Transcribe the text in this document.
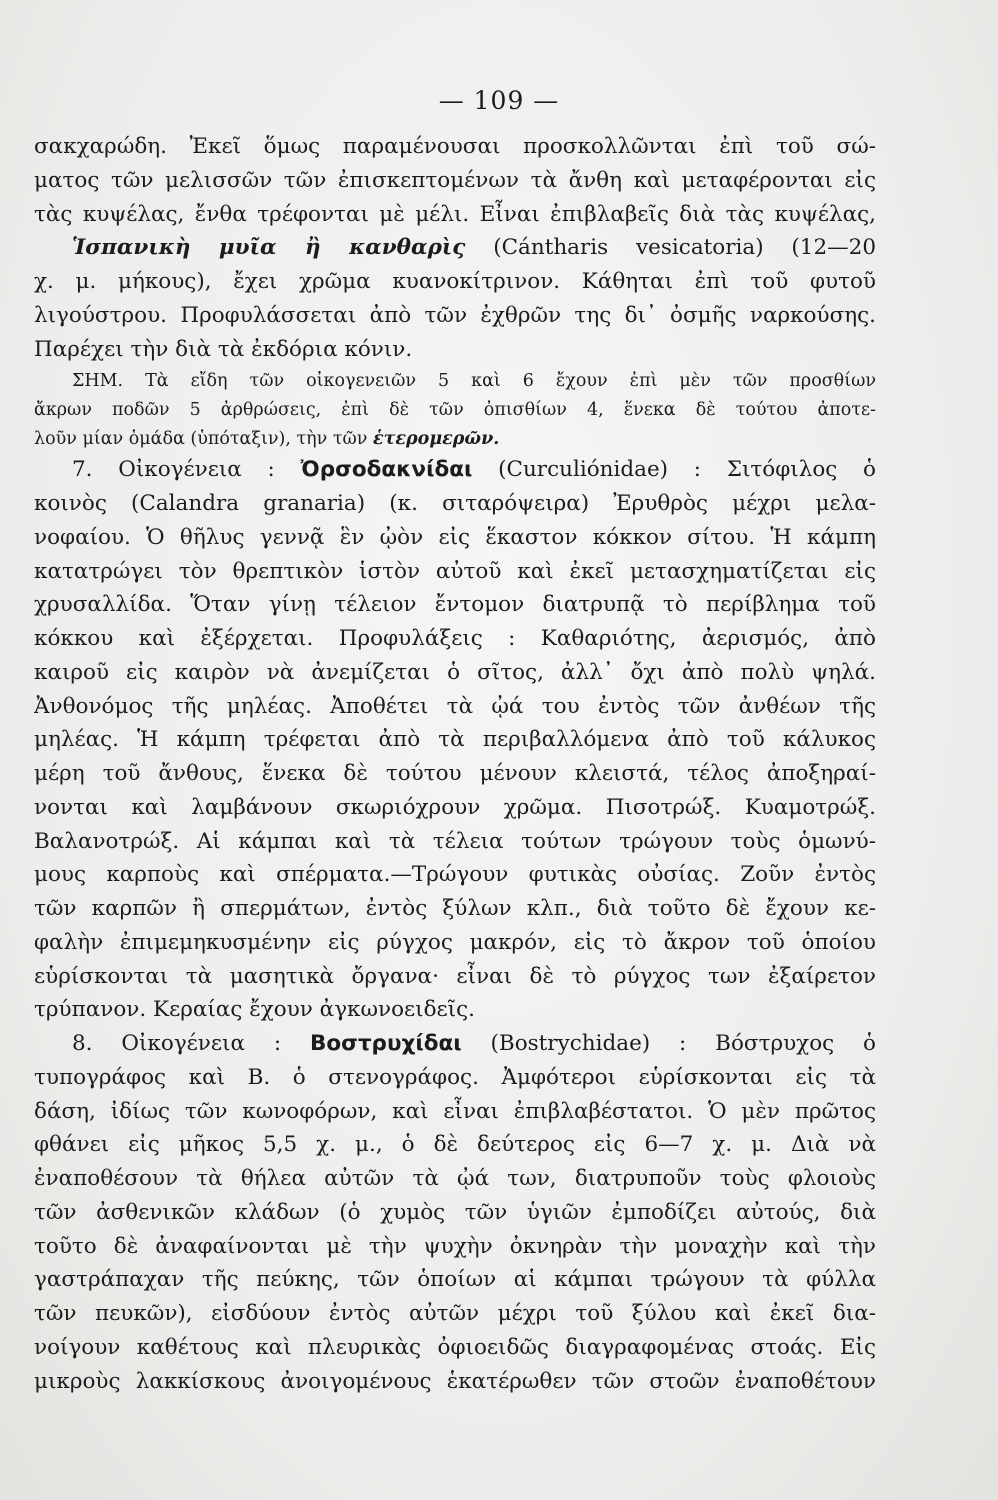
— 109 —
σακχαρώδη. Ἐκεῖ ὅμως παραμένουσαι προσκολλῶνται ἐπὶ τοῦ σώ-
ματος τῶν μελισσῶν τῶν ἐπισκεπτομένων τὰ ἄνθη καὶ μεταφέρονται εἰς
τὰς κυψέλας, ἔνθα τρέφονται μὲ μέλι. Εἶναι ἐπιβλαβεῖς διὰ τὰς κυψέλας,
Ἱσπανικὴ μυῖα ἢ κανθαρὶς (Cántharis vesicatoria) (12—20
χ. μ. μήκους), ἔχει χρῶμα κυανοκίτρινον. Κάθηται ἐπὶ τοῦ φυτοῦ
λιγούστρου. Προφυλάσσεται ἀπὸ τῶν ἐχθρῶν της δι᾽ ὀσμῆς ναρκούσης.
Παρέχει τὴν διὰ τὰ ἐκδόρια κόνιν.
ΣΗΜ. Τὰ εἴδη τῶν οἰκογενειῶν 5 καὶ 6 ἔχουν ἐπὶ μὲν τῶν προσθίων
ἄκρων ποδῶν 5 ἀρθρώσεις, ἐπὶ δὲ τῶν ὀπισθίων 4, ἕνεκα δὲ τούτου ἀποτε-
λοῦν μίαν ὁμάδα (ὑπόταξιν), τὴν τῶν ἑτερομερῶν.
7. Οἰκογένεια : Ὀρσοδακνίδαι (Curculiónidae) : Σιτόφιλος ὁ
κοινὸς (Calandra granaria) (κ. σιταρόψειρα) Ἐρυθρὸς μέχρι μελα-
νοφαίου. Ὁ θῆλυς γεννᾷ ἓν ᾠὸν εἰς ἕκαστον κόκκον σίτου. Ἡ κάμπη
κατατρώγει τὸν θρεπτικὸν ἱστὸν αὐτοῦ καὶ ἐκεῖ μετασχηματίζεται εἰς
χρυσαλλίδα. Ὅταν γίνῃ τέλειον ἔντομον διατρυπᾷ τὸ περίβλημα τοῦ
κόκκου καὶ ἐξέρχεται. Προφυλάξεις : Καθαριότης, ἀερισμός, ἀπὸ
καιροῦ εἰς καιρὸν νὰ ἀνεμίζεται ὁ σῖτος, ἀλλ᾽ ὄχι ἀπὸ πολὺ ψηλά.
Ἀνθονόμος τῆς μηλέας. Ἀποθέτει τὰ ᾠά του ἐντὸς τῶν ἀνθέων τῆς
μηλέας. Ἡ κάμπη τρέφεται ἀπὸ τὰ περιβαλλόμενα ἀπὸ τοῦ κάλυκος
μέρη τοῦ ἄνθους, ἕνεκα δὲ τούτου μένουν κλειστά, τέλος ἀποξηραί-
νονται καὶ λαμβάνουν σκωριόχρουν χρῶμα. Πισοτρώξ. Κυαμοτρώξ.
Βαλανοτρώξ. Αἱ κάμπαι καὶ τὰ τέλεια τούτων τρώγουν τοὺς ὁμωνύ-
μους καρποὺς καὶ σπέρματα.—Τρώγουν φυτικὰς οὐσίας. Ζοῦν ἐντὸς
τῶν καρπῶν ἢ σπερμάτων, ἐντὸς ξύλων κλπ., διὰ τοῦτο δὲ ἔχουν κε-
φαλὴν ἐπιμεμηκυσμένην εἰς ρύγχος μακρόν, εἰς τὸ ἄκρον τοῦ ὁποίου
εὑρίσκονται τὰ μασητικὰ ὄργανα· εἶναι δὲ τὸ ρύγχος των ἐξαίρετον
τρύπανον. Κεραίας ἔχουν ἀγκωνοειδεῖς.
8. Οἰκογένεια : Βοστρυχίδαι (Bostrychidae) : Βόστρυχος ὁ
τυπογράφος καὶ Β. ὁ στενογράφος. Ἀμφότεροι εὑρίσκονται εἰς τὰ
δάση, ἰδίως τῶν κωνοφόρων, καὶ εἶναι ἐπιβλαβέστατοι. Ὁ μὲν πρῶτος
φθάνει εἰς μῆκος 5,5 χ. μ., ὁ δὲ δεύτερος εἰς 6—7 χ. μ. Διὰ νὰ
ἐναποθέσουν τὰ θήλεα αὐτῶν τὰ ᾠά των, διατρυποῦν τοὺς φλοιοὺς
τῶν ἀσθενικῶν κλάδων (ὁ χυμὸς τῶν ὑγιῶν ἐμποδίζει αὐτούς, διὰ
τοῦτο δὲ ἀναφαίνονται μὲ τὴν ψυχὴν ὀκνηρὰν τὴν μοναχὴν καὶ τὴν
γαστράπαχαν τῆς πεύκης, τῶν ὁποίων αἱ κάμπαι τρώγουν τὰ φύλλα
τῶν πευκῶν), εἰσδύουν ἐντὸς αὐτῶν μέχρι τοῦ ξύλου καὶ ἐκεῖ δια-
νοίγουν καθέτους καὶ πλευρικὰς ὀφιοειδῶς διαγραφομένας στοάς. Εἰς
μικροὺς λακκίσκους ἀνοιγομένους ἑκατέρωθεν τῶν στοῶν ἐναποθέτουν
